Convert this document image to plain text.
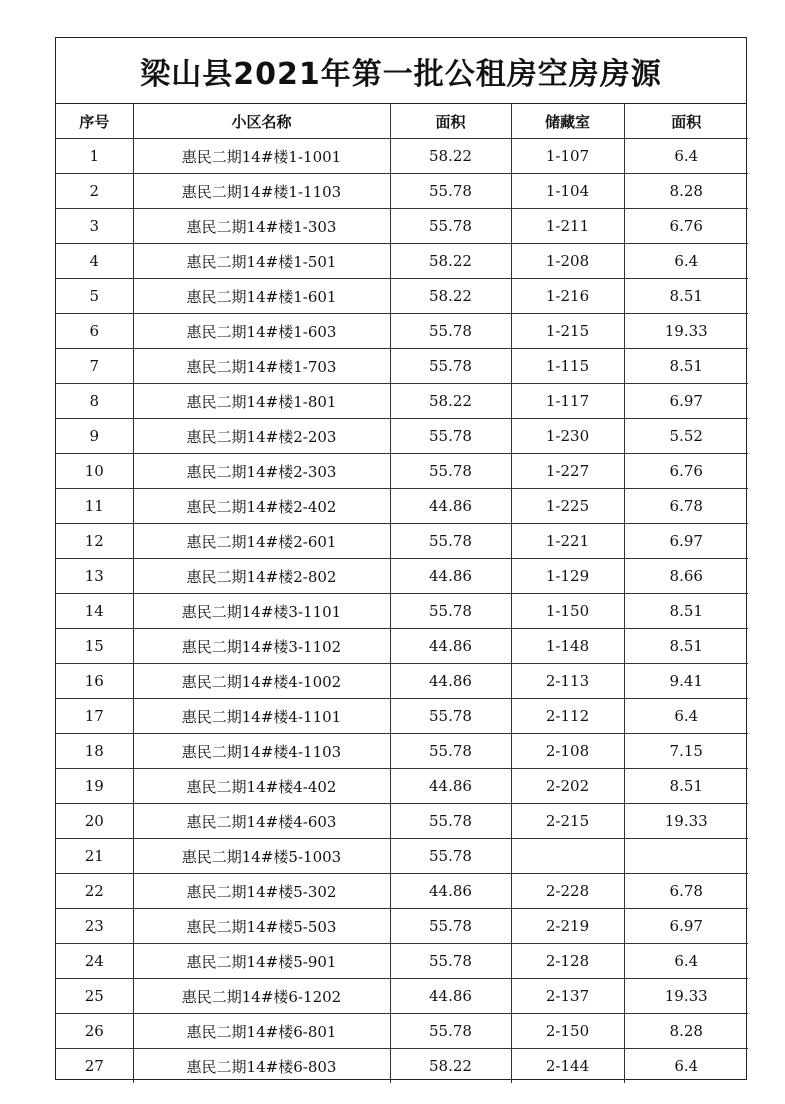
梁山县2021年第一批公租房空房房源
序号	小区名称	面积	储藏室	面积
1	惠民二期14#楼1-1001	58.22	1-107	6.4
2	惠民二期14#楼1-1103	55.78	1-104	8.28
3	惠民二期14#楼1-303	55.78	1-211	6.76
4	惠民二期14#楼1-501	58.22	1-208	6.4
5	惠民二期14#楼1-601	58.22	1-216	8.51
6	惠民二期14#楼1-603	55.78	1-215	19.33
7	惠民二期14#楼1-703	55.78	1-115	8.51
8	惠民二期14#楼1-801	58.22	1-117	6.97
9	惠民二期14#楼2-203	55.78	1-230	5.52
10	惠民二期14#楼2-303	55.78	1-227	6.76
11	惠民二期14#楼2-402	44.86	1-225	6.78
12	惠民二期14#楼2-601	55.78	1-221	6.97
13	惠民二期14#楼2-802	44.86	1-129	8.66
14	惠民二期14#楼3-1101	55.78	1-150	8.51
15	惠民二期14#楼3-1102	44.86	1-148	8.51
16	惠民二期14#楼4-1002	44.86	2-113	9.41
17	惠民二期14#楼4-1101	55.78	2-112	6.4
18	惠民二期14#楼4-1103	55.78	2-108	7.15
19	惠民二期14#楼4-402	44.86	2-202	8.51
20	惠民二期14#楼4-603	55.78	2-215	19.33
21	惠民二期14#楼5-1003	55.78		
22	惠民二期14#楼5-302	44.86	2-228	6.78
23	惠民二期14#楼5-503	55.78	2-219	6.97
24	惠民二期14#楼5-901	55.78	2-128	6.4
25	惠民二期14#楼6-1202	44.86	2-137	19.33
26	惠民二期14#楼6-801	55.78	2-150	8.28
27	惠民二期14#楼6-803	58.22	2-144	6.4
